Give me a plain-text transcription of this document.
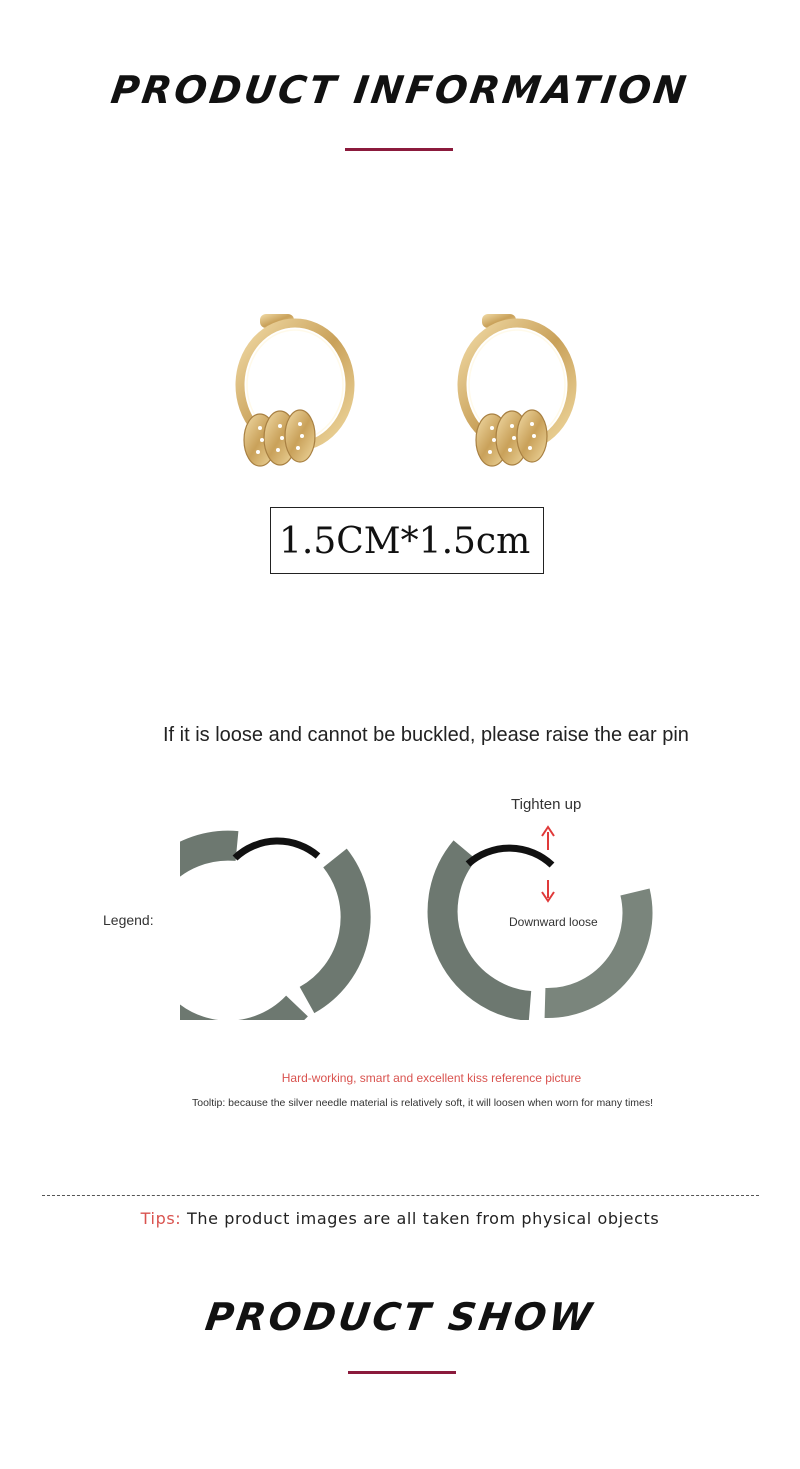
PRODUCT INFORMATION
1.5CM*1.5cm
If it is loose and cannot be buckled, please raise the ear pin
Tighten up
Legend:	Downward loose
Hard-working, smart and excellent kiss reference picture
Tooltip: because the silver needle material is relatively soft, it will loosen when worn for many times!
Tips: The product images are all taken from physical objects
PRODUCT SHOW
